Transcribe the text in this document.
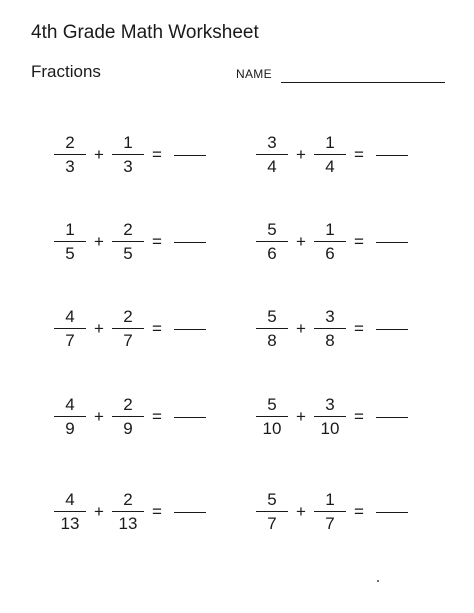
4th Grade Math Worksheet
Fractions	NAME
$\frac{2}{3} + \frac{1}{3}$ =	$\frac{3}{4} + \frac{1}{4}$ =
$\frac{1}{5} + \frac{2}{5}$ =	$\frac{5}{6} + \frac{1}{6}$ =
$\frac{4}{7} + \frac{2}{7}$ =	$\frac{5}{8} + \frac{3}{8}$ =
$\frac{4}{9} + \frac{2}{9}$ =	$\frac{5}{10} + \frac{3}{10}$ =
$\frac{4}{13} + \frac{2}{13}$ =	$\frac{5}{7} + \frac{1}{7}$ =
